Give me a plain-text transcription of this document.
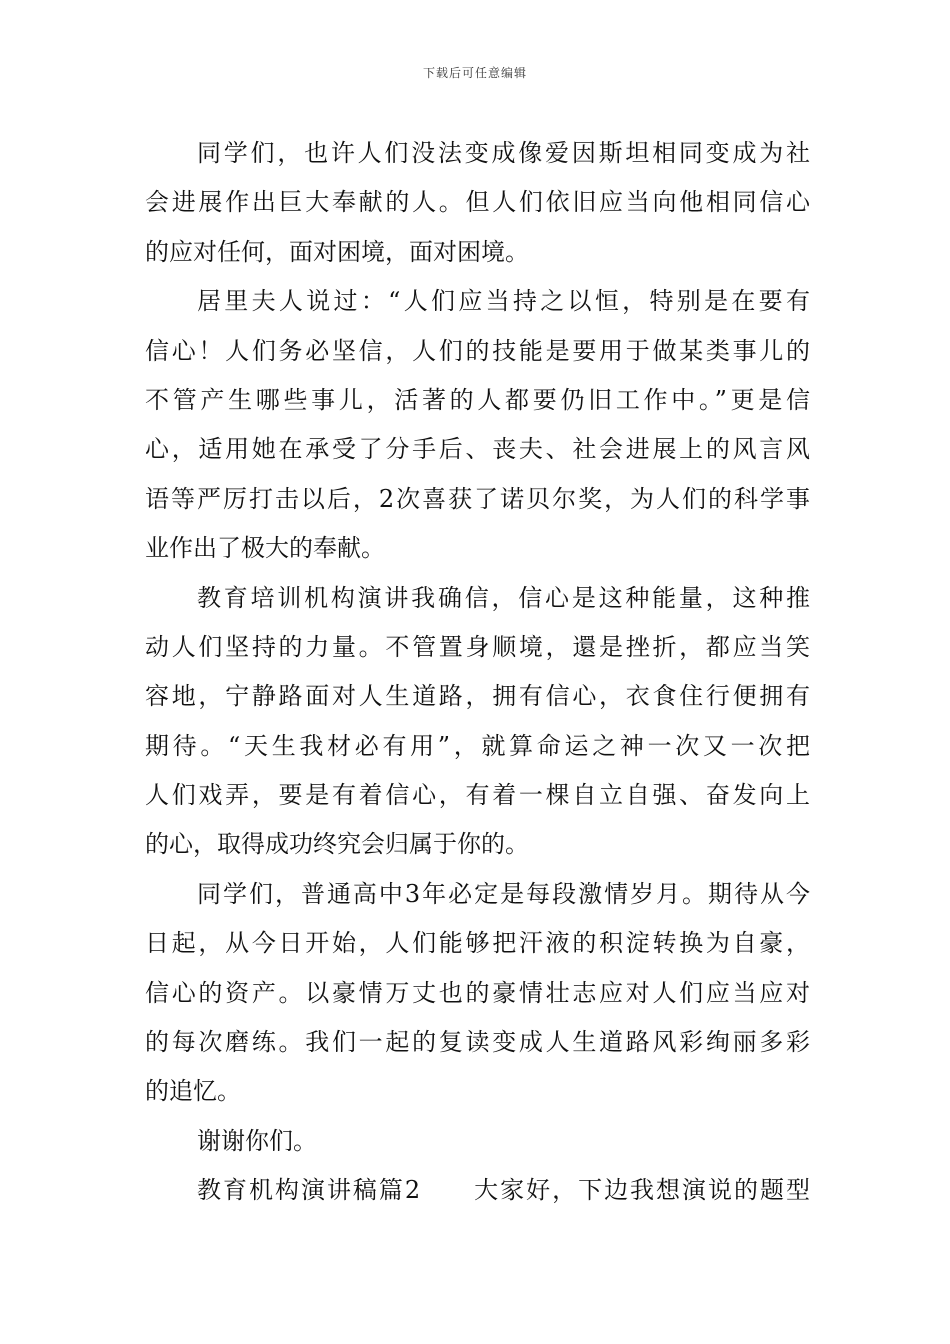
下载后可任意编辑
同学们，也许人们没法变成像爱因斯坦相同变成为社
会进展作出巨大奉献的人。但人们依旧应当向他相同信心
的应对任何，面对困境，面对困境。
居里夫人说过：“人们应当持之以恒，特别是在要有
信心！人们务必坚信，人们的技能是要用于做某类事儿的
不管产生哪些事儿，活著的人都要仍旧工作中。”更是信
心，适用她在承受了分手后、丧夫、社会进展上的风言风
语等严厉打击以后，2次喜获了诺贝尔奖，为人们的科学事
业作出了极大的奉献。
教育培训机构演讲我确信，信心是这种能量，这种推
动人们坚持的力量。不管置身顺境，還是挫折，都应当笑
容地，宁静路面对人生道路，拥有信心，衣食住行便拥有
期待。“天生我材必有用”，就算命运之神一次又一次把
人们戏弄，要是有着信心，有着一棵自立自强、奋发向上
的心，取得成功终究会归属于你的。
同学们，普通高中3年必定是每段激情岁月。期待从今
日起，从今日开始，人们能够把汗液的积淀转换为自豪，
信心的资产。以豪情万丈也的豪情壮志应对人们应当应对
的每次磨练。我们一起的复读变成人生道路风彩绚丽多彩
的追忆。
谢谢你们。
教育机构演讲稿篇2　　大家好，下边我想演说的题型
